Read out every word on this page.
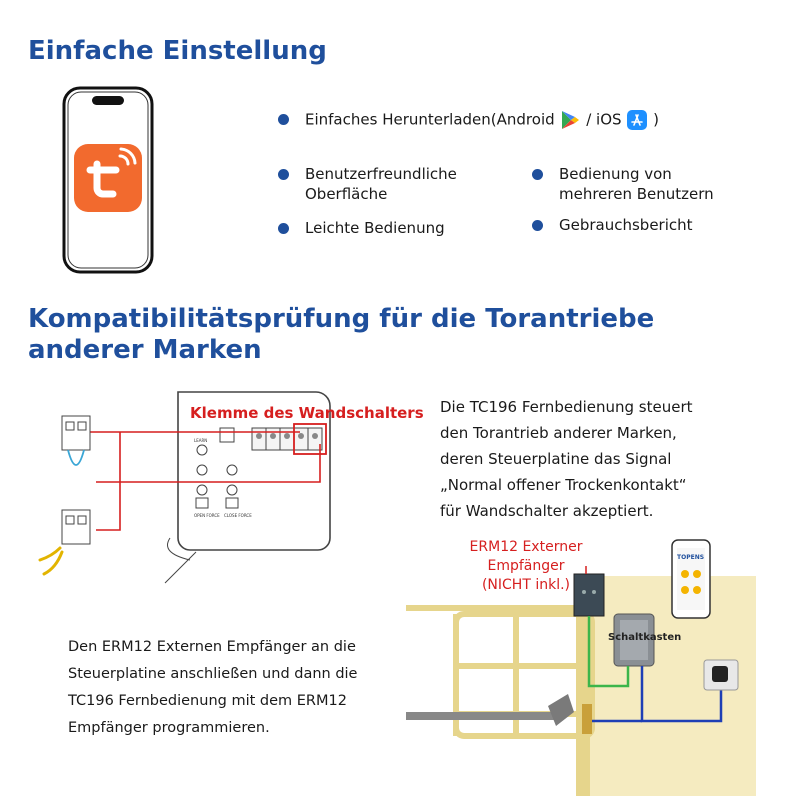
Einfache Einstellung
Einfaches Herunterladen(Android / iOS )
Benutzerfreundliche
Oberfläche
Bedienung von
mehreren Benutzern
Leichte Bedienung	Gebrauchsbericht
Kompatibilitätsprüfung für die Torantriebe
anderer Marken
LEARN
OPEN FORCE CLOSE FORCE
Klemme des Wandschalters Die TC196 Fernbedienung steuert
den Torantrieb anderer Marken,
deren Steuerplatine das Signal
„Normal offener Trockenkontakt“
für Wandschalter akzeptiert.
TOPENS
ERM12 Externer
Empfänger
(NICHT inkl.)
Schaltkasten
Den ERM12 Externen Empfänger an die
Steuerplatine anschließen und dann die
TC196 Fernbedienung mit dem ERM12
Empfänger programmieren.
